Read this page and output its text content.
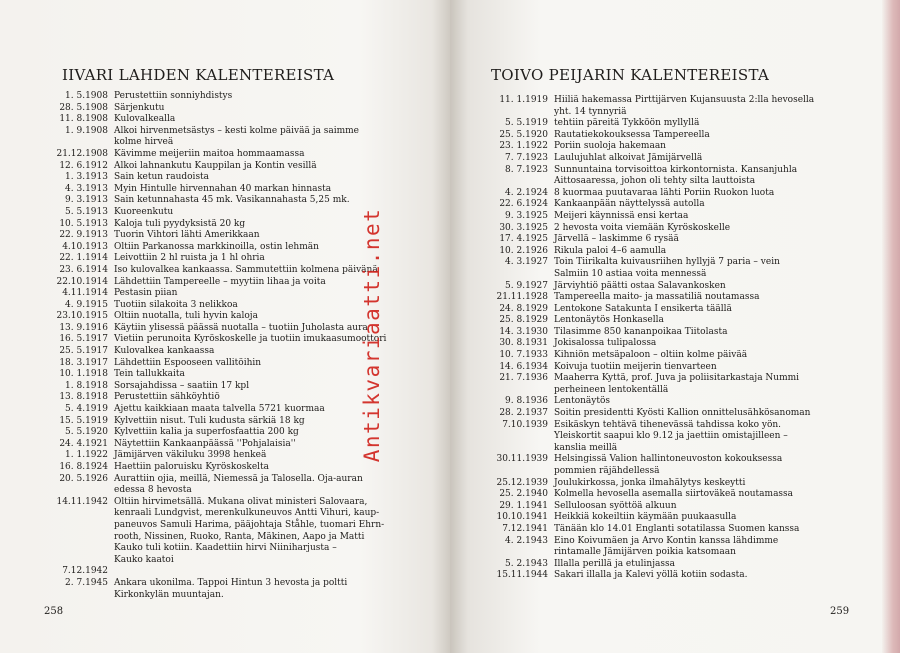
IIVARI LAHDEN KALENTEREISTA
1. 5.1908 Perustettiin sonniyhdistys
28. 5.1908 Särjenkutu
11. 8.1908 Kulovalkealla
1. 9.1908 Alkoi hirvenmetsästys – kesti kolme päivää ja saimme
kolme hirveä
21.12.1908 Kävimme meijeriin maitoa hommaamassa
12. 6.1912 Alkoi lahnankutu Kauppilan ja Kontin vesillä
1. 3.1913 Sain ketun raudoista
4. 3.1913 Myin Hintulle hirvennahan 40 markan hinnasta
9. 3.1913 Sain ketunnahasta 45 mk. Vasikannahasta 5,25 mk.
5. 5.1913 Kuoreenkutu
10. 5.1913 Kaloja tuli pyydyksistä 20 kg
22. 9.1913 Tuorin Vihtori lähti Amerikkaan
4.10.1913 Oltiin Parkanossa markkinoilla, ostin lehmän
22. 1.1914 Leivottiin 2 hl ruista ja 1 hl ohria
23. 6.1914 Iso kulovalkea kankaassa. Sammutettiin kolmena päivänä
22.10.1914 Lähdettiin Tampereelle – myytiin lihaa ja voita
4.11.1914 Pestasin piian
4. 9.1915 Tuotiin silakoita 3 nelikkoa
23.10.1915 Oltiin nuotalla, tuli hyvin kaloja
13. 9.1916 Käytiin ylisessä päässä nuotalla – tuotiin Juholasta aura
16. 5.1917 Vietiin perunoita Kyröskoskelle ja tuotiin imukaasumoottori
25. 5.1917 Kulovalkea kankaassa
18. 3.1917 Lähdettiin Espooseen vallitöihin
10. 1.1918 Tein tallukkaita
1. 8.1918 Sorsajahdissa – saatiin 17 kpl
13. 8.1918 Perustettiin sähköyhtiö
5. 4.1919 Ajettu kaikkiaan maata talvella 5721 kuormaa
15. 5.1919 Kylvettiin nisut. Tuli kudusta särkiä 18 kg
5. 5.1920 Kylvettiin kalia ja superfosfaattia 200 kg
24. 4.1921 Näytettiin Kankaanpäässä ''Pohjalaisia''
1. 1.1922 Jämijärven väkiluku 3998 henkeä
16. 8.1924 Haettiin paloruisku Kyröskoskelta
20. 5.1926 Aurattiin ojia, meillä, Niemessä ja Talosella. Oja-auran
edessa 8 hevosta
14.11.1942 Oltiin hirvimetsällä. Mukana olivat ministeri Salovaara,
kenraali Lundgvist, merenkulkuneuvos Antti Vihuri, kaup-
paneuvos Samuli Harima, pääjohtaja Ståhle, tuomari Ehrn-
rooth, Nissinen, Ruoko, Ranta, Mäkinen, Aapo ja Matti
Kauko tuli kotiin. Kaadettiin hirvi Niiniharjusta –
Kauko kaatoi
7.12.1942
2. 7.1945 Ankara ukonilma. Tappoi Hintun 3 hevosta ja poltti
Kirkonkylän muuntajan.
258
TOIVO PEIJARIN KALENTEREISTA
11. 1.1919 Hiiliä hakemassa Pirttijärven Kujansuusta 2:lla hevosella
yht. 14 tynnyriä
5. 5.1919 tehtiin päreitä Tykköön myllyllä
25. 5.1920 Rautatiekokouksessa Tampereella
23. 1.1922 Poriin suoloja hakemaan
7. 7.1923 Laulujuhlat alkoivat Jämijärvellä
8. 7.1923 Sunnuntaina torvisoittoa kirkontornista. Kansanjuhla
Aittosaaressa, johon oli tehty silta lauttoista
4. 2.1924 8 kuormaa puutavaraa lähti Poriin Ruokon luota
22. 6.1924 Kankaanpään näyttelyssä autolla
9. 3.1925 Meijeri käynnissä ensi kertaa
30. 3.1925 2 hevosta voita viemään Kyröskoskelle
17. 4.1925 Järvellä – laskimme 6 rysää
10. 2.1926 Rikula paloi 4–6 aamulla
4. 3.1927 Toin Tiirikalta kuivausriihen hyllyjä 7 paria – vein
Salmiin 10 astiaa voita mennessä
5. 9.1927 Järviyhtiö päätti ostaa Salavankosken
21.11.1928 Tampereella maito- ja massatiliä noutamassa
24. 8.1929 Lentokone Satakunta I ensikerta täällä
25. 8.1929 Lentonäytös Honkasella
14. 3.1930 Tilasimme 850 kananpoikaa Tiitolasta
30. 8.1931 Jokisalossa tulipalossa
10. 7.1933 Kihniön metsäpaloon – oltiin kolme päivää
14. 6.1934 Koivuja tuotiin meijerin tienvarteen
21. 7.1936 Maaherra Kyttä, prof. Juva ja poliisitarkastaja Nummi
perheineen lentokentällä
9. 8.1936 Lentonäytös
28. 2.1937 Soitin presidentti Kyösti Kallion onnittelusähkösanoman
7.10.1939 Esikäskyn tehtävä tihenevässä tahdissa koko yön.
Yleiskortit saapui klo 9.12 ja jaettiin omistajilleen –
kanslia meillä
30.11.1939 Helsingissä Valion hallintoneuvoston kokouksessa
pommien räjähdellessä
25.12.1939 Joulukirkossa, jonka ilmahälytys keskeytti
25. 2.1940 Kolmella hevosella asemalla siirtoväkeä noutamassa
29. 1.1941 Selluloosan syöttöä alkuun
10.10.1941 Heikkiä kokeiltiin käymään puukaasulla
7.12.1941 Tänään klo 14.01 Englanti sotatilassa Suomen kanssa
4. 2.1943 Eino Koivumäen ja Arvo Kontin kanssa lähdimme
rintamalle Jämijärven poikia katsomaan
5. 2.1943 Illalla perillä ja etulinjassa
15.11.1944 Sakari illalla ja Kalevi yöllä kotiin sodasta.
259
Antikvariaatti.net
